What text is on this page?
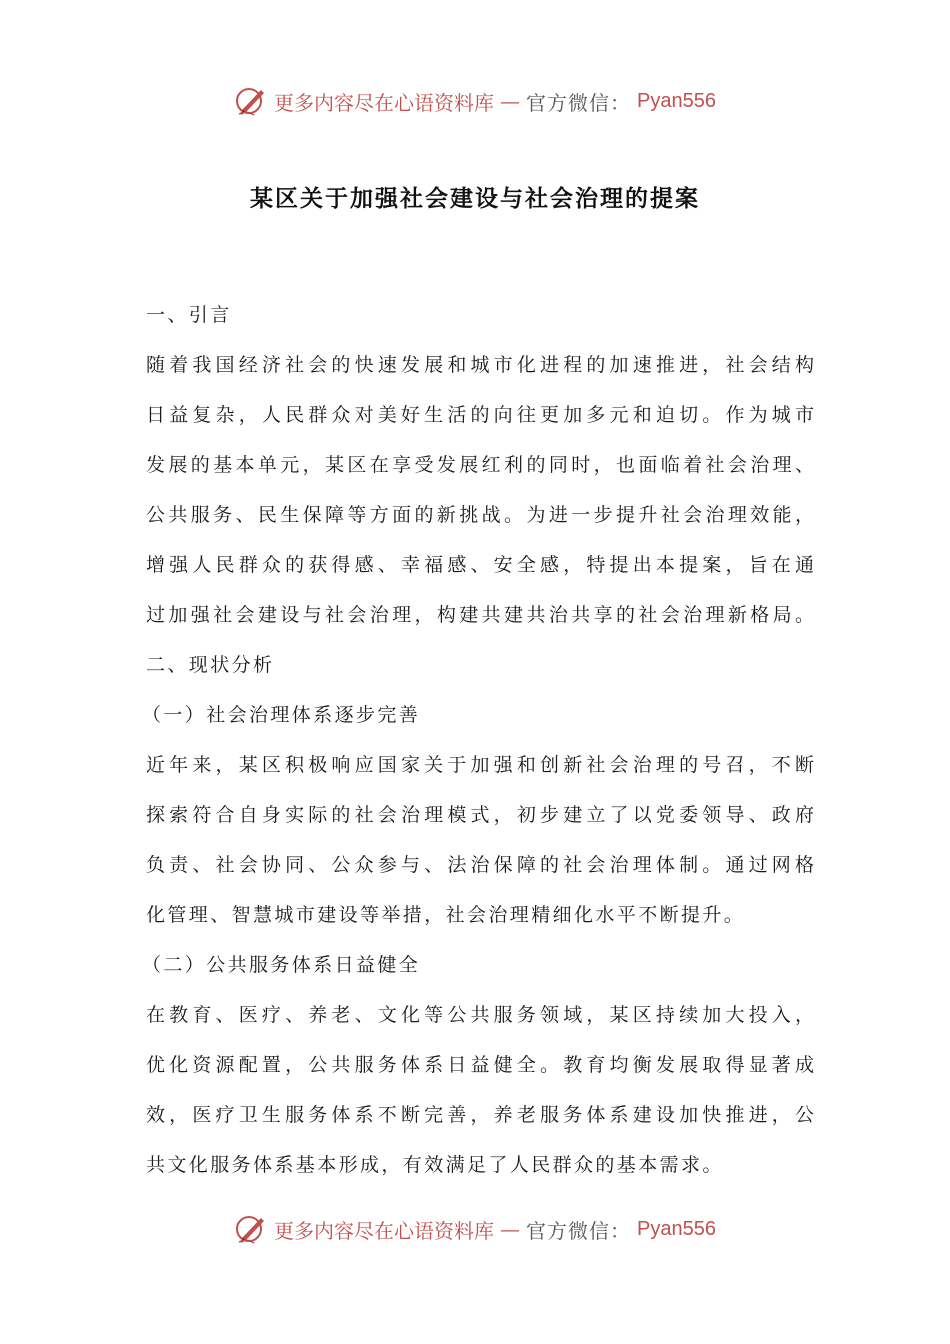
更多内容尽在心语资料库 — 官方微信： Pyan556
某区关于加强社会建设与社会治理的提案
一、引言
随着我国经济社会的快速发展和城市化进程的加速推进，社会结构
日益复杂，人民群众对美好生活的向往更加多元和迫切。作为城市
发展的基本单元，某区在享受发展红利的同时，也面临着社会治理、
公共服务、民生保障等方面的新挑战。为进一步提升社会治理效能，
增强人民群众的获得感、幸福感、安全感，特提出本提案，旨在通
过加强社会建设与社会治理，构建共建共治共享的社会治理新格局。
二、现状分析
（一）社会治理体系逐步完善
近年来，某区积极响应国家关于加强和创新社会治理的号召，不断
探索符合自身实际的社会治理模式，初步建立了以党委领导、政府
负责、社会协同、公众参与、法治保障的社会治理体制。通过网格
化管理、智慧城市建设等举措，社会治理精细化水平不断提升。
（二）公共服务体系日益健全
在教育、医疗、养老、文化等公共服务领域，某区持续加大投入，
优化资源配置，公共服务体系日益健全。教育均衡发展取得显著成
效，医疗卫生服务体系不断完善，养老服务体系建设加快推进，公
共文化服务体系基本形成，有效满足了人民群众的基本需求。
更多内容尽在心语资料库 — 官方微信： Pyan556
